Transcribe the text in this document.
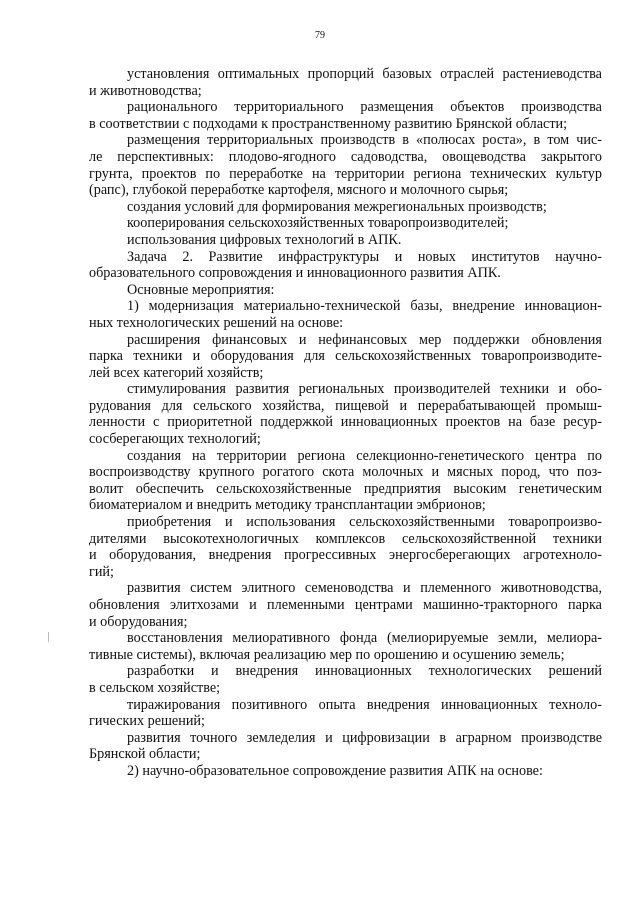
79
установления оптимальных пропорций базовых отраслей растениеводства
и животноводства;
рационального территориального размещения объектов производства
в соответствии с подходами к пространственному развитию Брянской области;
размещения территориальных производств в «полюсах роста», в том чис-
ле перспективных: плодово-ягодного садоводства, овощеводства закрытого
грунта, проектов по переработке на территории региона технических культур
(рапс), глубокой переработке картофеля, мясного и молочного сырья;
создания условий для формирования межрегиональных производств;
кооперирования сельскохозяйственных товаропроизводителей;
использования цифровых технологий в АПК.
Задача 2. Развитие инфраструктуры и новых институтов научно-
образовательного сопровождения и инновационного развития АПК.
Основные мероприятия:
1) модернизация материально-технической базы, внедрение инновацион-
ных технологических решений на основе:
расширения финансовых и нефинансовых мер поддержки обновления
парка техники и оборудования для сельскохозяйственных товаропроизводите-
лей всех категорий хозяйств;
стимулирования развития региональных производителей техники и обо-
рудования для сельского хозяйства, пищевой и перерабатывающей промыш-
ленности с приоритетной поддержкой инновационных проектов на базе ресур-
сосберегающих технологий;
создания на территории региона селекционно-генетического центра по
воспроизводству крупного рогатого скота молочных и мясных пород, что поз-
волит обеспечить сельскохозяйственные предприятия высоким генетическим
биоматериалом и внедрить методику трансплантации эмбрионов;
приобретения и использования сельскохозяйственными товаропроизво-
дителями высокотехнологичных комплексов сельскохозяйственной техники
и оборудования, внедрения прогрессивных энергосберегающих агротехноло-
гий;
развития систем элитного семеноводства и племенного животноводства,
обновления элитхозами и племенными центрами машинно-тракторного парка
и оборудования;
восстановления мелиоративного фонда (мелиорируемые земли, мелиора-
тивные системы), включая реализацию мер по орошению и осушению земель;
разработки и внедрения инновационных технологических решений
в сельском хозяйстве;
тиражирования позитивного опыта внедрения инновационных техноло-
гических решений;
развития точного земледелия и цифровизации в аграрном производстве
Брянской области;
2) научно-образовательное сопровождение развития АПК на основе:
